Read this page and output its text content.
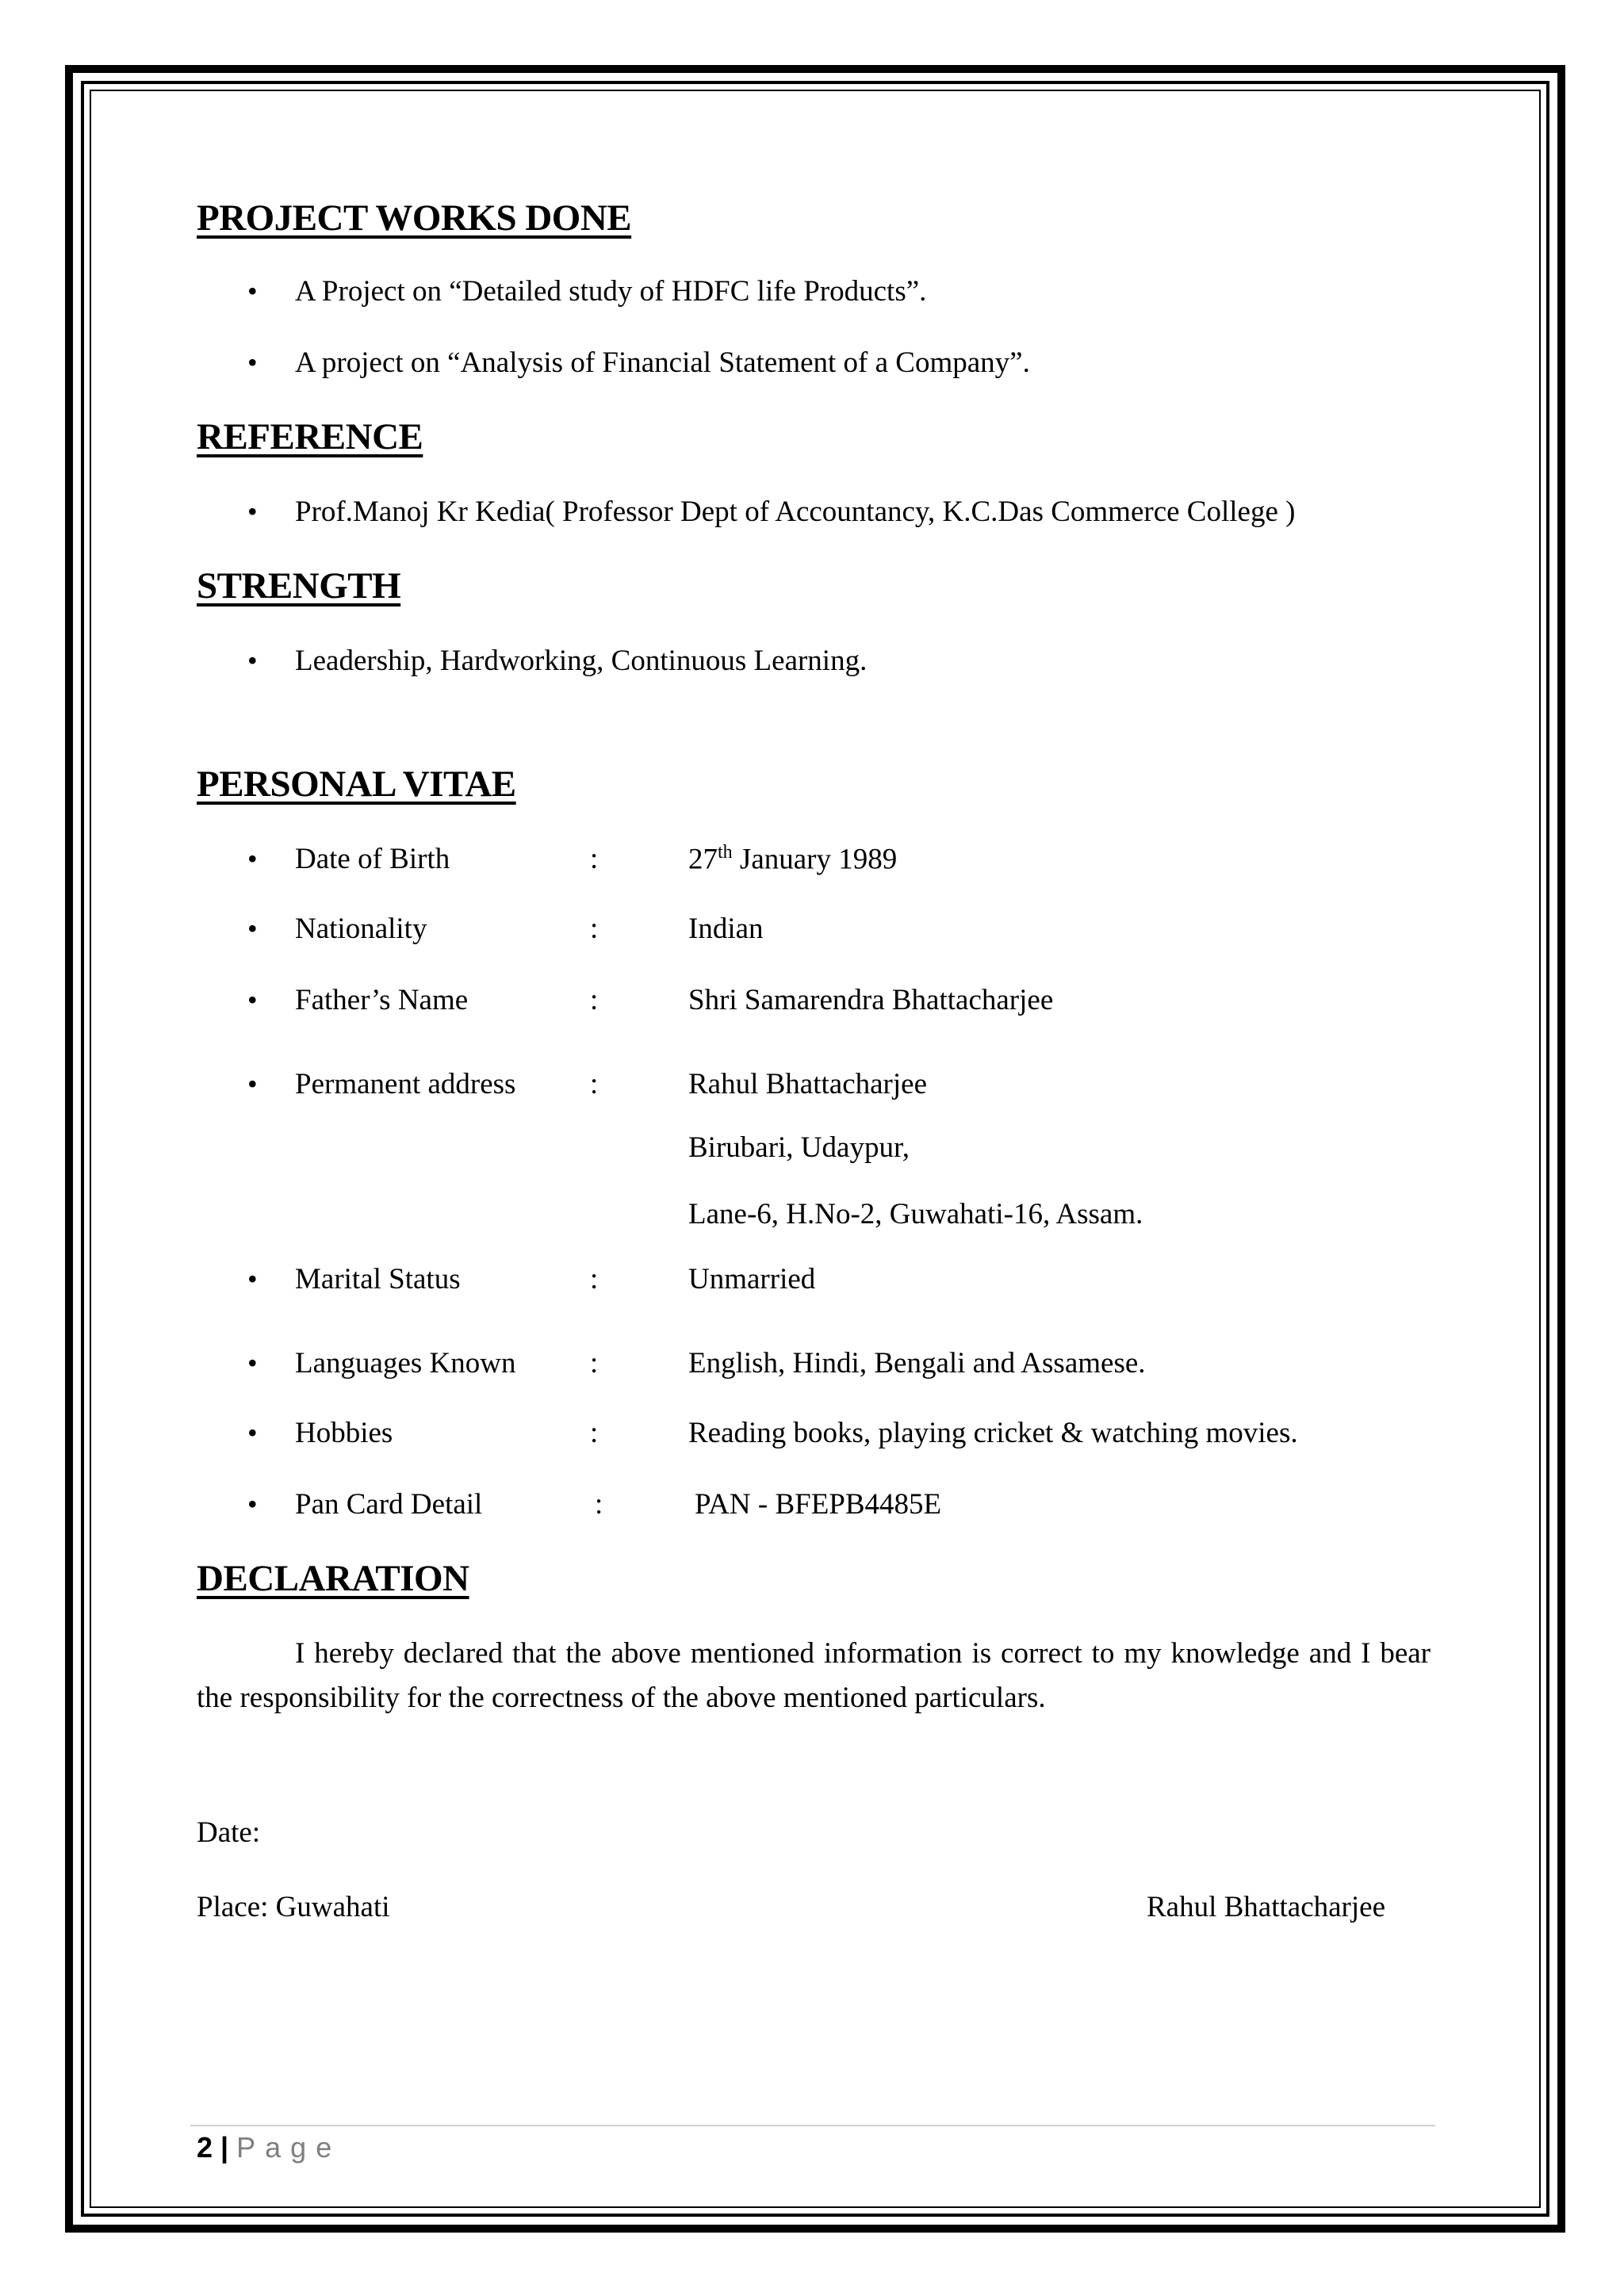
PROJECT WORKS DONE
• A Project on “Detailed study of HDFC life Products”.
• A project on “Analysis of Financial Statement of a Company”.
REFERENCE
• Prof.Manoj Kr Kedia( Professor Dept of Accountancy, K.C.Das Commerce College )
STRENGTH
• Leadership, Hardworking, Continuous Learning.
PERSONAL VITAE
• Date of Birth	:	27th January 1989
• Nationality	:	Indian
• Father’s Name	:	Shri Samarendra Bhattacharjee
• Permanent address	:	Rahul Bhattacharjee
Birubari, Udaypur,
Lane-6, H.No-2, Guwahati-16, Assam.
• Marital Status	:	Unmarried
• Languages Known	:	English, Hindi, Bengali and Assamese.
• Hobbies	:	Reading books, playing cricket & watching movies.
• Pan Card Detail	:	PAN - BFEPB4485E
DECLARATION
I hereby declared that the above mentioned information is correct to my knowledge and I bear the responsibility for the correctness of the above mentioned particulars.
Date:
Place: Guwahati	Rahul Bhattacharjee
2 | Page
